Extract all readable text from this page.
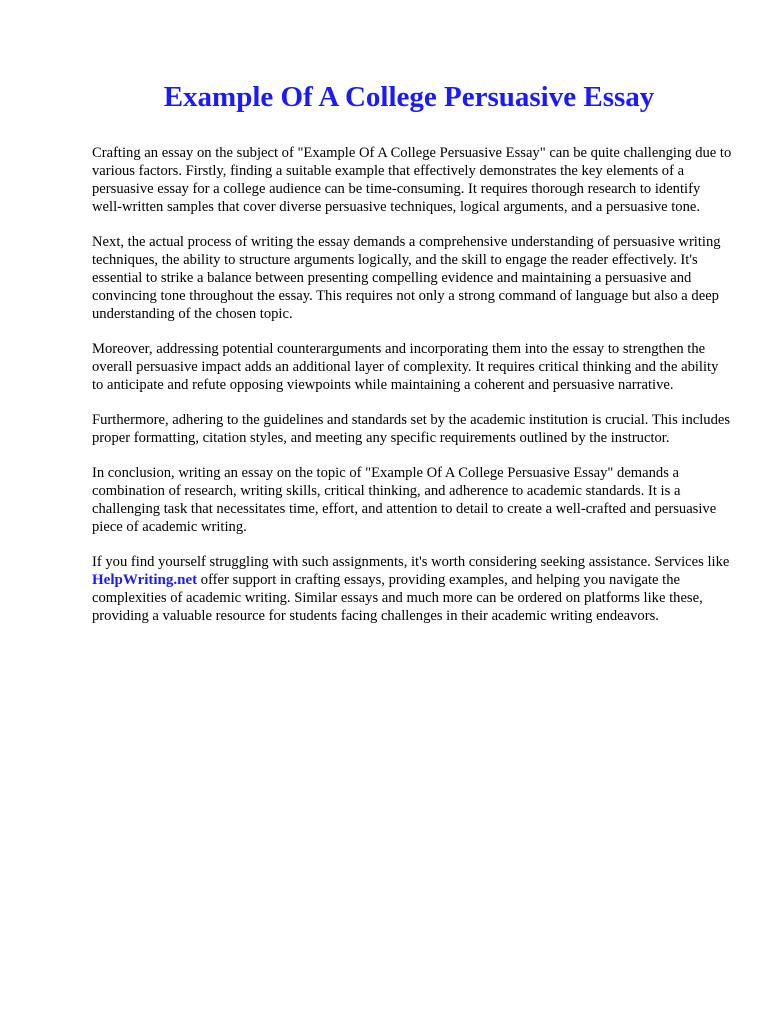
Example Of A College Persuasive Essay

Crafting an essay on the subject of "Example Of A College Persuasive Essay" can be quite challenging due to various factors. Firstly, finding a suitable example that effectively demonstrates the key elements of a persuasive essay for a college audience can be time-consuming. It requires thorough research to identify well-written samples that cover diverse persuasive techniques, logical arguments, and a persuasive tone.

Next, the actual process of writing the essay demands a comprehensive understanding of persuasive writing techniques, the ability to structure arguments logically, and the skill to engage the reader effectively. It's essential to strike a balance between presenting compelling evidence and maintaining a persuasive and convincing tone throughout the essay. This requires not only a strong command of language but also a deep understanding of the chosen topic.

Moreover, addressing potential counterarguments and incorporating them into the essay to strengthen the overall persuasive impact adds an additional layer of complexity. It requires critical thinking and the ability to anticipate and refute opposing viewpoints while maintaining a coherent and persuasive narrative.

Furthermore, adhering to the guidelines and standards set by the academic institution is crucial. This includes proper formatting, citation styles, and meeting any specific requirements outlined by the instructor.

In conclusion, writing an essay on the topic of "Example Of A College Persuasive Essay" demands a combination of research, writing skills, critical thinking, and adherence to academic standards. It is a challenging task that necessitates time, effort, and attention to detail to create a well-crafted and persuasive piece of academic writing.

If you find yourself struggling with such assignments, it's worth considering seeking assistance. Services like HelpWriting.net offer support in crafting essays, providing examples, and helping you navigate the complexities of academic writing. Similar essays and much more can be ordered on platforms like these, providing a valuable resource for students facing challenges in their academic writing endeavors.
